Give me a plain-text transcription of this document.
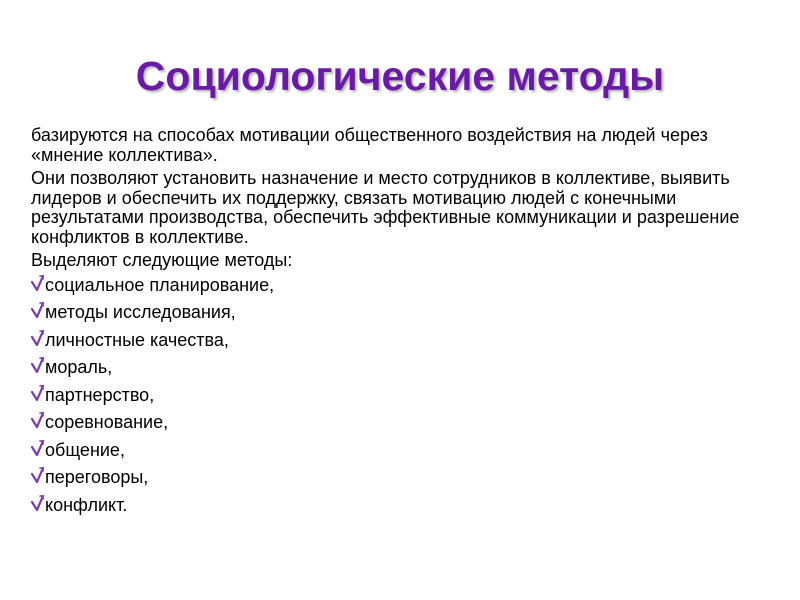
Социологические методы

базируются на способах мотивации общественного воздействия на людей через «мнение коллектива».

Они позволяют установить назначение и место сотрудников в коллективе, выявить лидеров и обеспечить их поддержку, связать мотивацию людей с конечными результатами производства, обеспечить эффективные коммуникации и разрешение конфликтов в коллективе.

Выделяют следующие методы:

социальное планирование,
методы исследования,
личностные качества,
мораль,
партнерство,
соревнование,
общение,
переговоры,
конфликт.
